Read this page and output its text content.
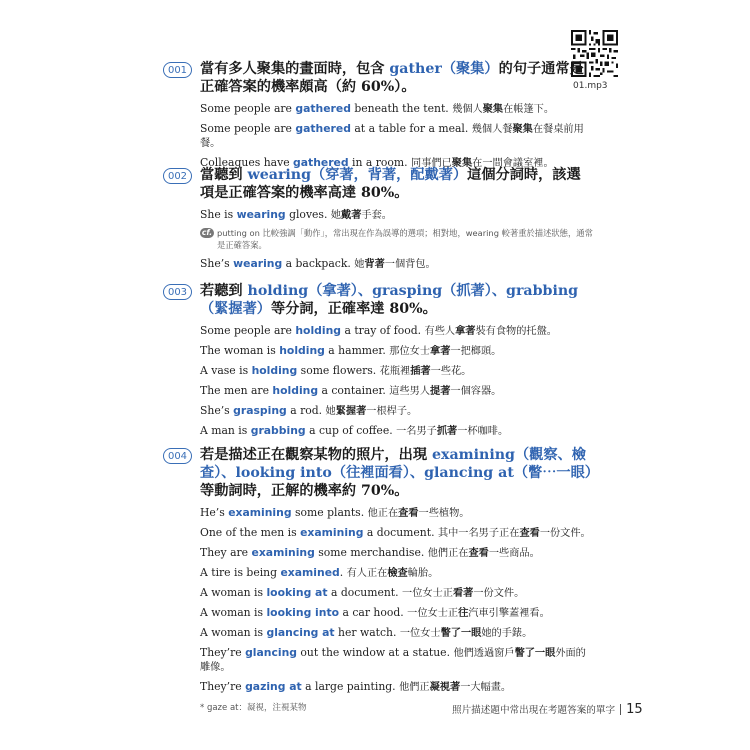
01.mp3
001 當有多人聚集的畫面時，包含 gather（聚集）的句子通常是正確答案的機率頗高（約 60%）。
Some people are gathered beneath the tent. 幾個人聚集在帳篷下。
Some people are gathered at a table for a meal. 幾個人餐聚集在餐桌前用餐。
Colleagues have gathered in a room. 同事們已聚集在一間會議室裡。
002 當聽到 wearing（穿著，背著，配戴著）這個分詞時，該選項是正確答案的機率高達 80%。
She is wearing gloves. 她戴著手套。
cf. putting on 比較強調「動作」，常出現在作為誤導的選項；相對地，wearing 較著重於描述狀態，通常是正確答案。
She’s wearing a backpack. 她背著一個背包。
003 若聽到 holding（拿著）、grasping（抓著）、grabbing（緊握著）等分詞，正確率達 80%。
Some people are holding a tray of food. 有些人拿著裝有食物的托盤。
The woman is holding a hammer. 那位女士拿著一把榔頭。
A vase is holding some flowers. 花瓶裡插著一些花。
The men are holding a container. 這些男人提著一個容器。
She’s grasping a rod. 她緊握著一根桿子。
A man is grabbing a cup of coffee. 一名男子抓著一杯咖啡。
004 若是描述正在觀察某物的照片，出現 examining（觀察、檢查）、looking into（往裡面看）、glancing at（瞥⋯一眼）等動詞時，正解的機率約 70%。
He’s examining some plants. 他正在查看一些植物。
One of the men is examining a document. 其中一名男子正在查看一份文件。
They are examining some merchandise. 他們正在查看一些商品。
A tire is being examined. 有人正在檢查輪胎。
A woman is looking at a document. 一位女士正看著一份文件。
A woman is looking into a car hood. 一位女士正往汽車引擎蓋裡看。
A woman is glancing at her watch. 一位女士瞥了一眼她的手錶。
They’re glancing out the window at a statue. 他們透過窗戶瞥了一眼外面的雕像。
They’re gazing at a large painting. 他們正凝視著一大幅畫。
* gaze at：凝視，注視某物	照片描述題中常出現在考題答案的單字 15
